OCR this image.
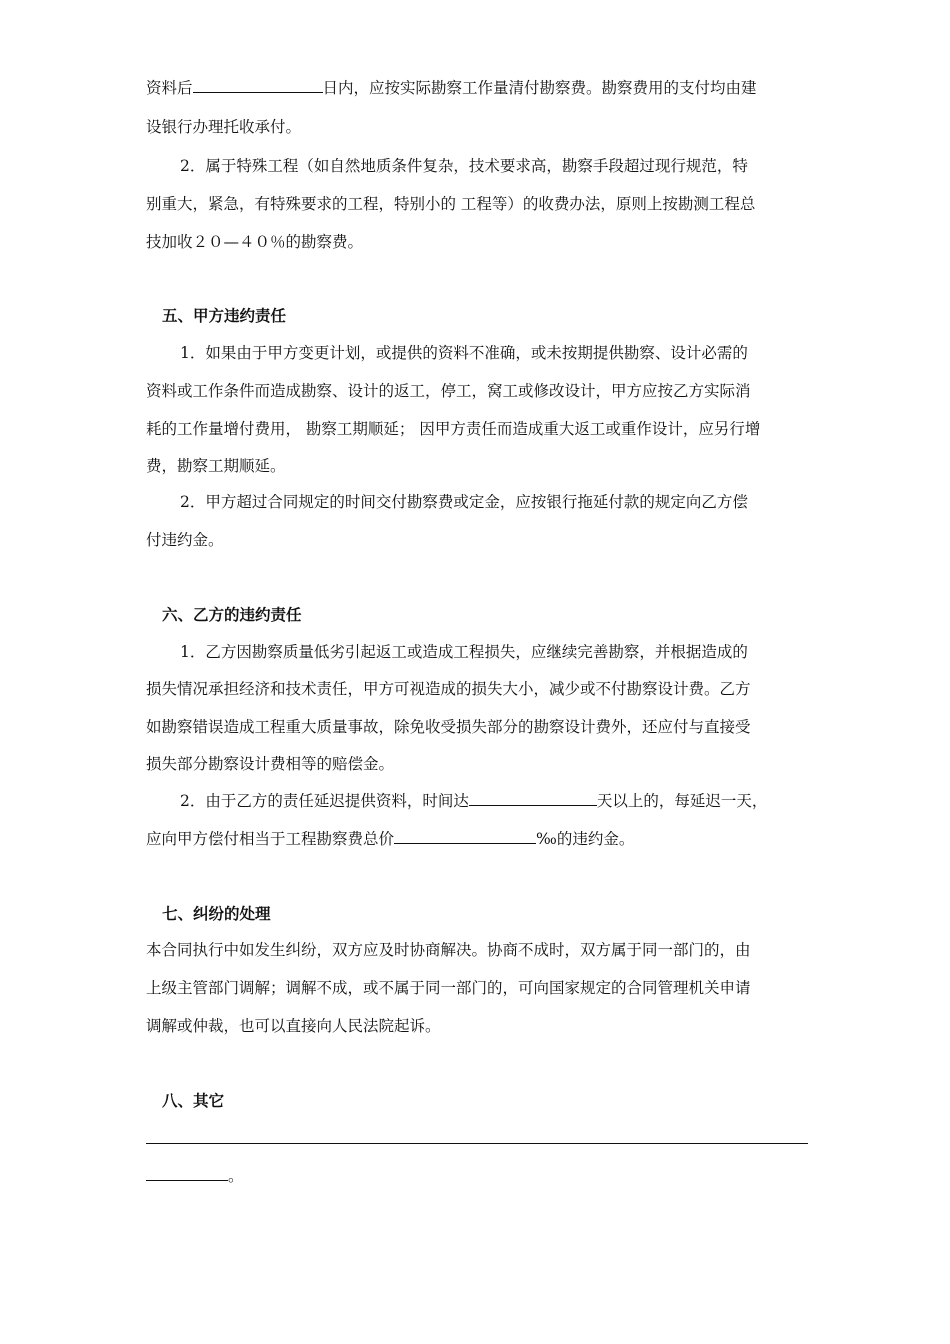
资料后	日内，应按实际勘察工作量清付勘察费。勘察费用的支付均由建
设银行办理托收承付。
2．属于特殊工程（如自然地质条件复杂，技术要求高，勘察手段超过现行规范，特
别重大，紧急，有特殊要求的工程，特别小的 工程等）的收费办法，原则上按勘测工程总
技加收２０—４０％的勘察费。
五、甲方违约责任
1．如果由于甲方变更计划，或提供的资料不准确，或未按期提供勘察、设计必需的
资料或工作条件而造成勘察、设计的返工，停工，窝工或修改设计，甲方应按乙方实际消
耗的工作量增付费用， 勘察工期顺延； 因甲方责任而造成重大返工或重作设计，应另行增
费，勘察工期顺延。
2．甲方超过合同规定的时间交付勘察费或定金，应按银行拖延付款的规定向乙方偿
付违约金。
六、乙方的违约责任
1．乙方因勘察质量低劣引起返工或造成工程损失，应继续完善勘察，并根据造成的
损失情况承担经济和技术责任，甲方可视造成的损失大小，减少或不付勘察设计费。乙方
如勘察错误造成工程重大质量事故，除免收受损失部分的勘察设计费外，还应付与直接受
损失部分勘察设计费相等的赔偿金。
2．由于乙方的责任延迟提供资料，时间达	天以上的，每延迟一天，
应向甲方偿付相当于工程勘察费总价	‰的违约金。
七、纠纷的处理
本合同执行中如发生纠纷，双方应及时协商解决。协商不成时，双方属于同一部门的，由
上级主管部门调解；调解不成，或不属于同一部门的，可向国家规定的合同管理机关申请
调解或仲裁，也可以直接向人民法院起诉。
八、其它
。
